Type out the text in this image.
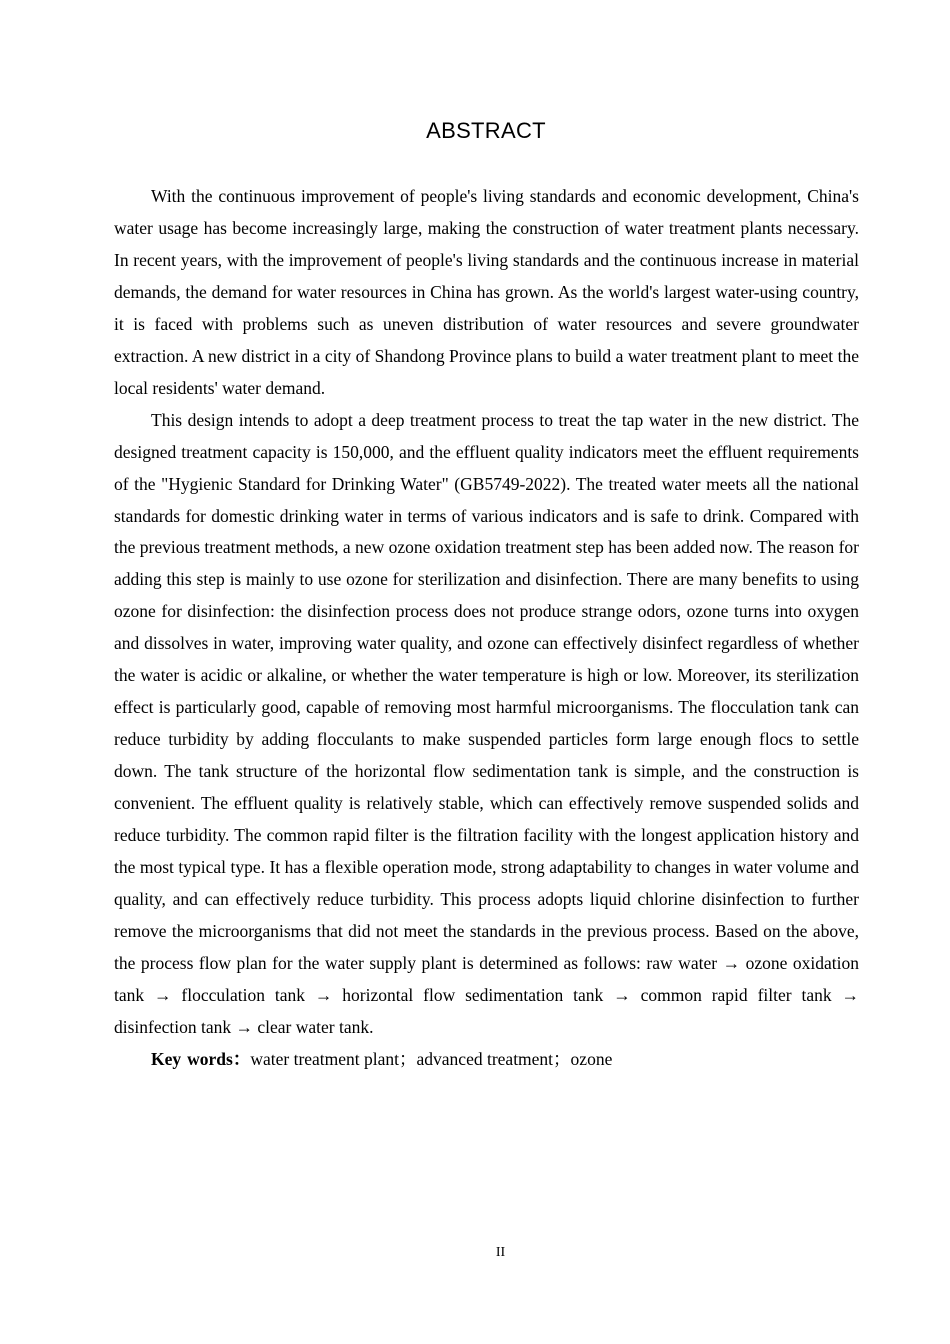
ABSTRACT

With the continuous improvement of people's living standards and economic development, China's water usage has become increasingly large, making the construction of water treatment plants necessary. In recent years, with the improvement of people's living standards and the continuous increase in material demands, the demand for water resources in China has grown. As the world's largest water-using country, it is faced with problems such as uneven distribution of water resources and severe groundwater extraction. A new district in a city of Shandong Province plans to build a water treatment plant to meet the local residents' water demand.

This design intends to adopt a deep treatment process to treat the tap water in the new district. The designed treatment capacity is 150,000, and the effluent quality indicators meet the effluent requirements of the "Hygienic Standard for Drinking Water" (GB5749-2022). The treated water meets all the national standards for domestic drinking water in terms of various indicators and is safe to drink. Compared with the previous treatment methods, a new ozone oxidation treatment step has been added now. The reason for adding this step is mainly to use ozone for sterilization and disinfection. There are many benefits to using ozone for disinfection: the disinfection process does not produce strange odors, ozone turns into oxygen and dissolves in water, improving water quality, and ozone can effectively disinfect regardless of whether the water is acidic or alkaline, or whether the water temperature is high or low. Moreover, its sterilization effect is particularly good, capable of removing most harmful microorganisms. The flocculation tank can reduce turbidity by adding flocculants to make suspended particles form large enough flocs to settle down. The tank structure of the horizontal flow sedimentation tank is simple, and the construction is convenient. The effluent quality is relatively stable, which can effectively remove suspended solids and reduce turbidity. The common rapid filter is the filtration facility with the longest application history and the most typical type. It has a flexible operation mode, strong adaptability to changes in water volume and quality, and can effectively reduce turbidity. This process adopts liquid chlorine disinfection to further remove the microorganisms that did not meet the standards in the previous process. Based on the above, the process flow plan for the water supply plant is determined as follows: raw water → ozone oxidation tank → flocculation tank → horizontal flow sedimentation tank → common rapid filter tank → disinfection tank → clear water tank.

Key words：water treatment plant；advanced treatment；ozone

II
